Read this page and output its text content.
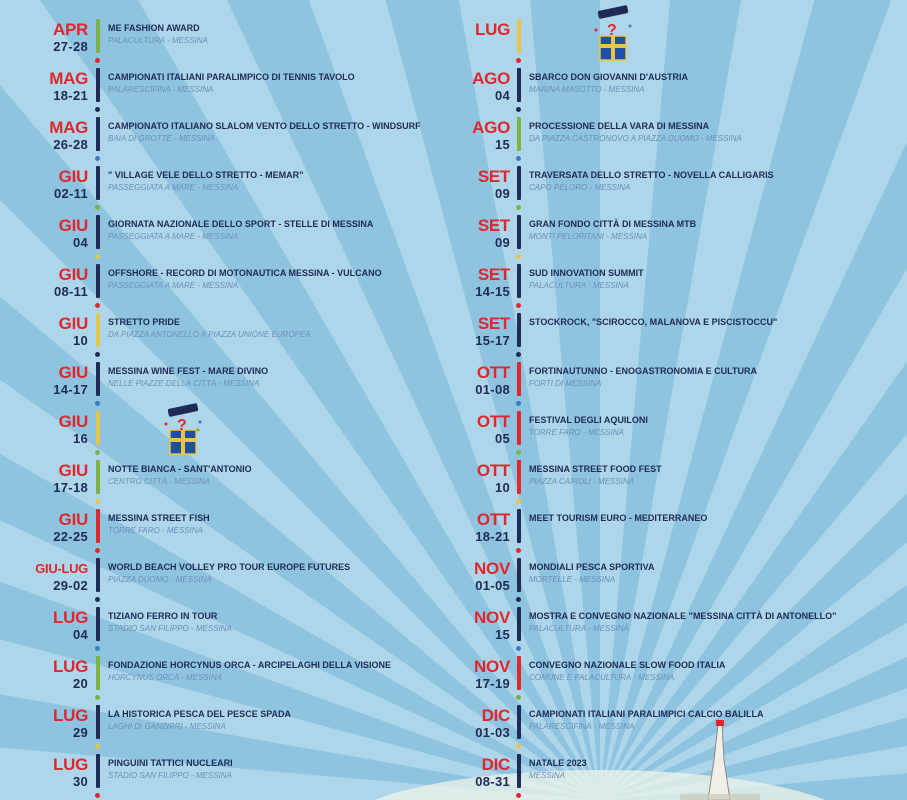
APR
27-28
ME FASHION AWARD
PALACULTURA - MESSINA
MAG
18-21
CAMPIONATI ITALIANI PARALIMPICO DI TENNIS TAVOLO
PALARESCIFINA - MESSINA
MAG
26-28
CAMPIONATO ITALIANO SLALOM VENTO DELLO STRETTO - WINDSURF
BAIA DI GROTTE - MESSINA
GIU
02-11
" VILLAGE VELE DELLO STRETTO - MEMAR"
PASSEGGIATA A MARE - MESSINA
GIU
04
GIORNATA NAZIONALE DELLO SPORT - STELLE DI MESSINA
PASSEGGIATA A MARE - MESSINA
GIU
08-11
OFFSHORE - RECORD DI MOTONAUTICA MESSINA - VULCANO
PASSEGGIATA A MARE - MESSINA
GIU
10
STRETTO PRIDE
DA PIAZZA ANTONELLO A PIAZZA UNIONE EUROPEA
GIU
14-17
MESSINA WINE FEST - MARE DIVINO
NELLE PIAZZE DELLA CITTÀ - MESSINA
GIU
16
GIU
17-18
NOTTE BIANCA - SANT'ANTONIO
CENTRO CITTÀ - MESSINA
GIU
22-25
MESSINA STREET FISH
TORRE FARO - MESSINA
GIU-LUG
29-02
WORLD BEACH VOLLEY PRO TOUR EUROPE FUTURES
PIAZZA DUOMO - MESSINA
LUG
04
TIZIANO FERRO IN TOUR
STADIO SAN FILIPPO - MESSINA
LUG
20
FONDAZIONE HORCYNUS ORCA - ARCIPELAGHI DELLA VISIONE
HORCYNUS ORCA - MESSINA
LUG
29
LA HISTORICA PESCA DEL PESCE SPADA
LAGHI DI GANZIRRI - MESSINA
LUG
30
PINGUINI TATTICI NUCLEARI
STADIO SAN FILIPPO - MESSINA
LUG
AGO
04
SBARCO DON GIOVANNI D'AUSTRIA
MARINA MASOTTO - MESSINA
AGO
15
PROCESSIONE DELLA VARA DI MESSINA
DA PIAZZA CASTRONOVO A PIAZZA DUOMO - MESSINA
SET
09
TRAVERSATA DELLO STRETTO - NOVELLA CALLIGARIS
CAPO PELORO - MESSINA
SET
09
GRAN FONDO CITTÀ DI MESSINA MTB
MONTI PELORITANI - MESSINA
SET
14-15
SUD INNOVATION SUMMIT
PALACULTURA - MESSINA
SET
15-17
STOCKROCK, "SCIROCCO, MALANOVA E PISCISTOCCU"
OTT
01-08
FORTINAUTUNNO - ENOGASTRONOMIA E CULTURA
FORTI DI MESSINA
OTT
05
FESTIVAL DEGLI AQUILONI
TORRE FARO - MESSINA
OTT
10
MESSINA STREET FOOD FEST
PIAZZA CAIROLI - MESSINA
OTT
18-21
MEET TOURISM EURO - MEDITERRANEO
NOV
01-05
MONDIALI PESCA SPORTIVA
MORTELLE - MESSINA
NOV
15
MOSTRA E CONVEGNO NAZIONALE "MESSINA CITTÀ DI ANTONELLO"
PALACULTURA - MESSINA
NOV
17-19
CONVEGNO NAZIONALE SLOW FOOD ITALIA
COMUNE E PALACULTURA - MESSINA
DIC
01-03
CAMPIONATI ITALIANI PARALIMPICI CALCIO BALILLA
PALARESCIFINA - MESSINA
DIC
08-31
NATALE 2023
MESSINA
?
?
